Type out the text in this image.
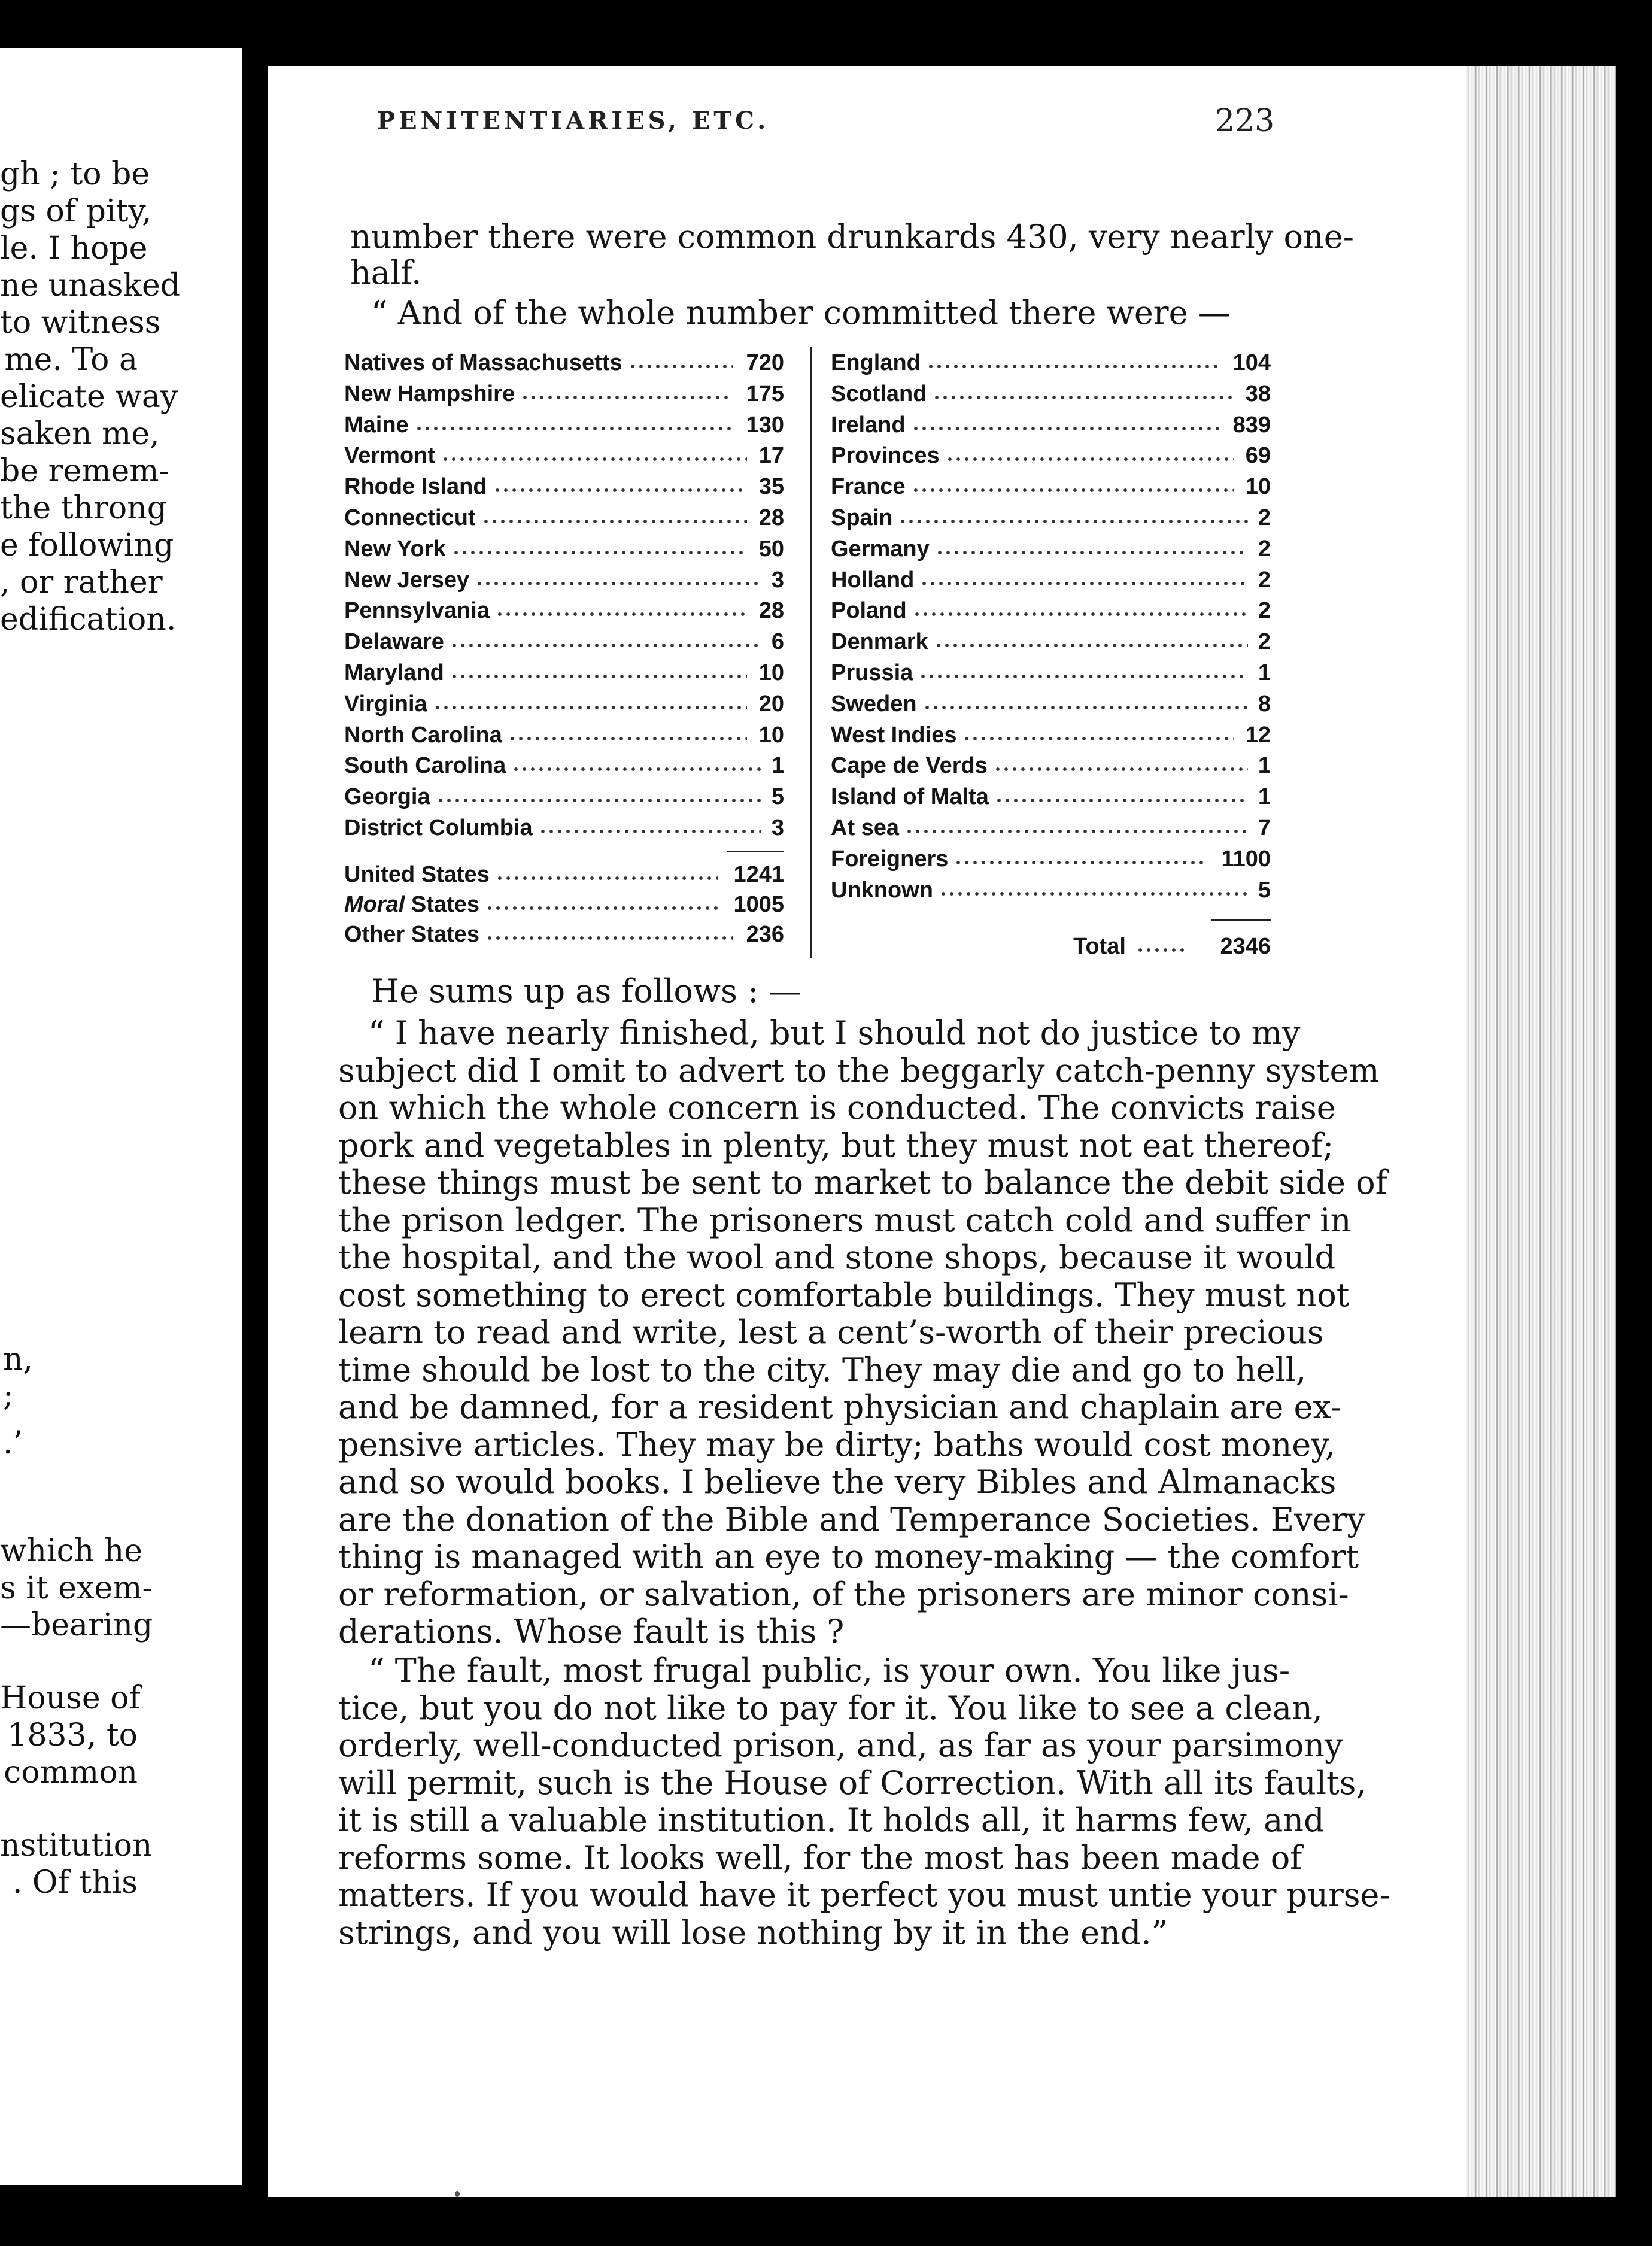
gh ; to be
gs of pity,
le. I hope
ne unasked
to witness
me. To a
elicate way
saken me,
be remem-
the throng
e following
, or rather
edification.
n,
;
.’
which he
s it exem-
—bearing
House of
1833, to
common
nstitution
. Of this
PENITENTIARIES, ETC.	223
number there were common drunkards 430, very nearly one-
half.
“ And of the whole number committed there were —
Natives of Massachusetts	720
New Hampshire	175
Maine	130
Vermont	17
Rhode Island	35
Connecticut	28
New York	50
New Jersey	3
Pennsylvania	28
Delaware	6
Maryland	10
Virginia	20
North Carolina	10
South Carolina	1
Georgia	5
District Columbia	3
United States	1241
Moral States	1005
Other States	236
England	104
Scotland	38
Ireland	839
Provinces	69
France	10
Spain	2
Germany	2
Holland	2
Poland	2
Denmark	2
Prussia	1
Sweden	8
West Indies	12
Cape de Verds	1
Island of Malta	1
At sea	7
Foreigners	1100
Unknown	5
Total	2346
He sums up as follows : —
“ I have nearly finished, but I should not do justice to my
subject did I omit to advert to the beggarly catch-penny system
on which the whole concern is conducted. The convicts raise
pork and vegetables in plenty, but they must not eat thereof;
these things must be sent to market to balance the debit side of
the prison ledger. The prisoners must catch cold and suffer in
the hospital, and the wool and stone shops, because it would
cost something to erect comfortable buildings. They must not
learn to read and write, lest a cent’s-worth of their precious
time should be lost to the city. They may die and go to hell,
and be damned, for a resident physician and chaplain are ex-
pensive articles. They may be dirty; baths would cost money,
and so would books. I believe the very Bibles and Almanacks
are the donation of the Bible and Temperance Societies. Every
thing is managed with an eye to money-making — the comfort
or reformation, or salvation, of the prisoners are minor consi-
derations. Whose fault is this ?
“ The fault, most frugal public, is your own. You like jus-
tice, but you do not like to pay for it. You like to see a clean,
orderly, well-conducted prison, and, as far as your parsimony
will permit, such is the House of Correction. With all its faults,
it is still a valuable institution. It holds all, it harms few, and
reforms some. It looks well, for the most has been made of
matters. If you would have it perfect you must untie your purse-
strings, and you will lose nothing by it in the end.”
